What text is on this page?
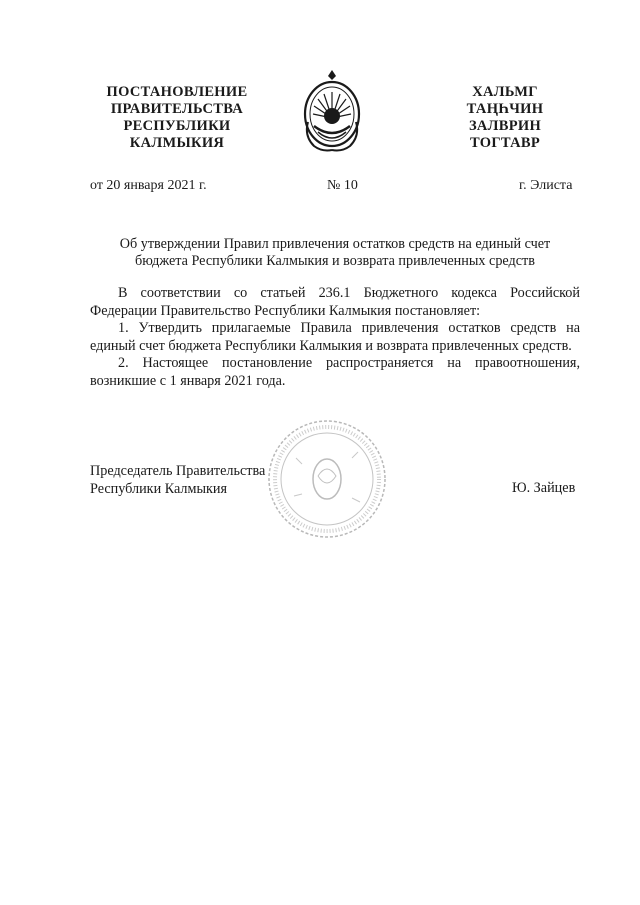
ПОСТАНОВЛЕНИЕ
ПРАВИТЕЛЬСТВА
РЕСПУБЛИКИ
КАЛМЫКИЯ
ХАЛЬМГ
ТАҢҺЧИН
ЗАЛВРИН
ТОГТАВР
от 20 января 2021 г.	№ 10	г. Элиста
Об утверждении Правил привлечения остатков средств на единый счет
бюджета Республики Калмыкия и возврата привлеченных средств

В соответствии со статьей 236.1 Бюджетного кодекса Российской Федерации Правительство Республики Калмыкия постановляет:

1. Утвердить прилагаемые Правила привлечения остатков средств на единый счет бюджета Республики Калмыкия и возврата привлеченных средств.

2. Настоящее постановление распространяется на правоотношения, возникшие с 1 января 2021 года.

Председатель Правительства
Республики Калмыкия	Ю. Зайцев
